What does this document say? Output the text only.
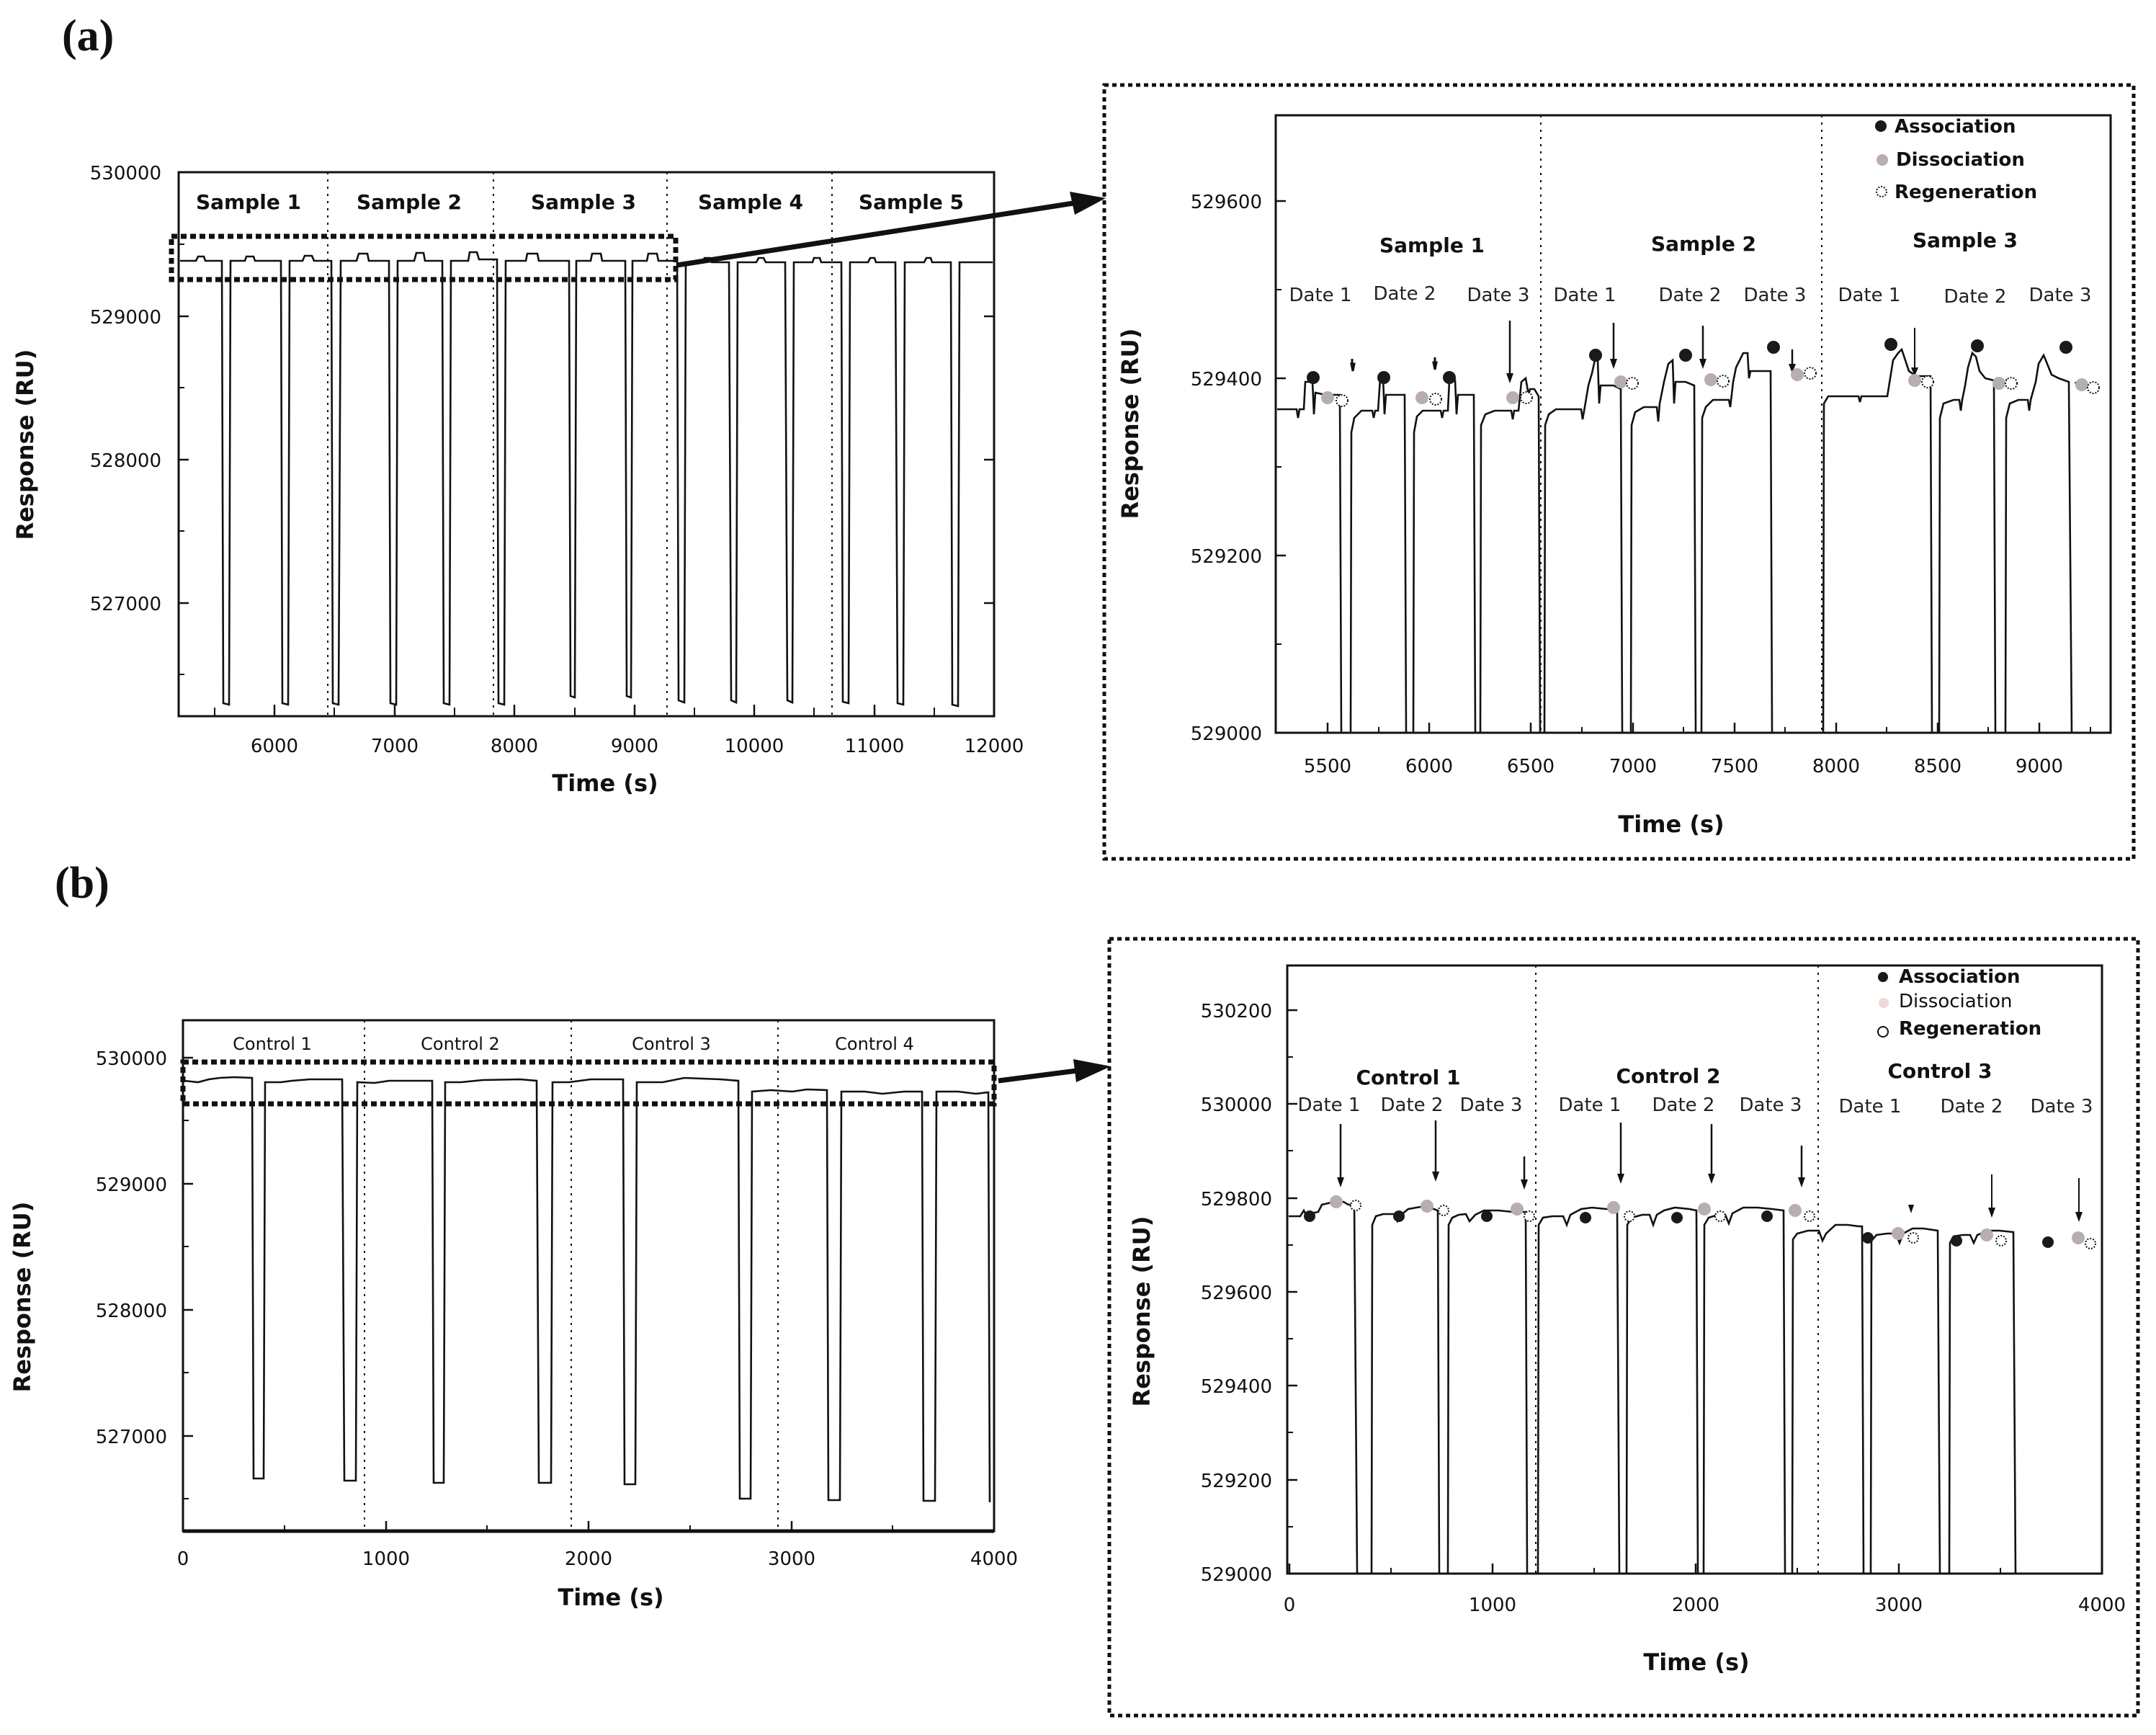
(a)
530000
529000
528000
527000
Response (RU)
6000	7000	8000	9000	10000	11000	12000
Time (s)
Sample 1	Sample 2	Sample 3	Sample 4	Sample 5	529600
529400
529200
529000
Response (RU)
5500	6000	6500	7000	7500	8000	8500	9000
Time (s)
Sample 1	Sample 2	Sample 3
Date 1 Date 2 Date 3 Date 1 Date 2 Date 3 Date 1 Date 2 Date 3
Association
Dissociation
Regeneration
(b)
530000
529000
528000
527000
Response (RU)
0	1000	2000	3000	4000
Time (s)
Control 1	Control 2	Control 3	Control 4
530200
530000
529800
529600
529400
529200
529000
Response (RU)
0	1000	2000	3000	4000
Time (s)
Control 1	Control 2	Control 3
Date 1 Date 2 Date 3 Date 1 Date 2 Date 3 Date 1 Date 2 Date 3
Association
Dissociation
Regeneration
